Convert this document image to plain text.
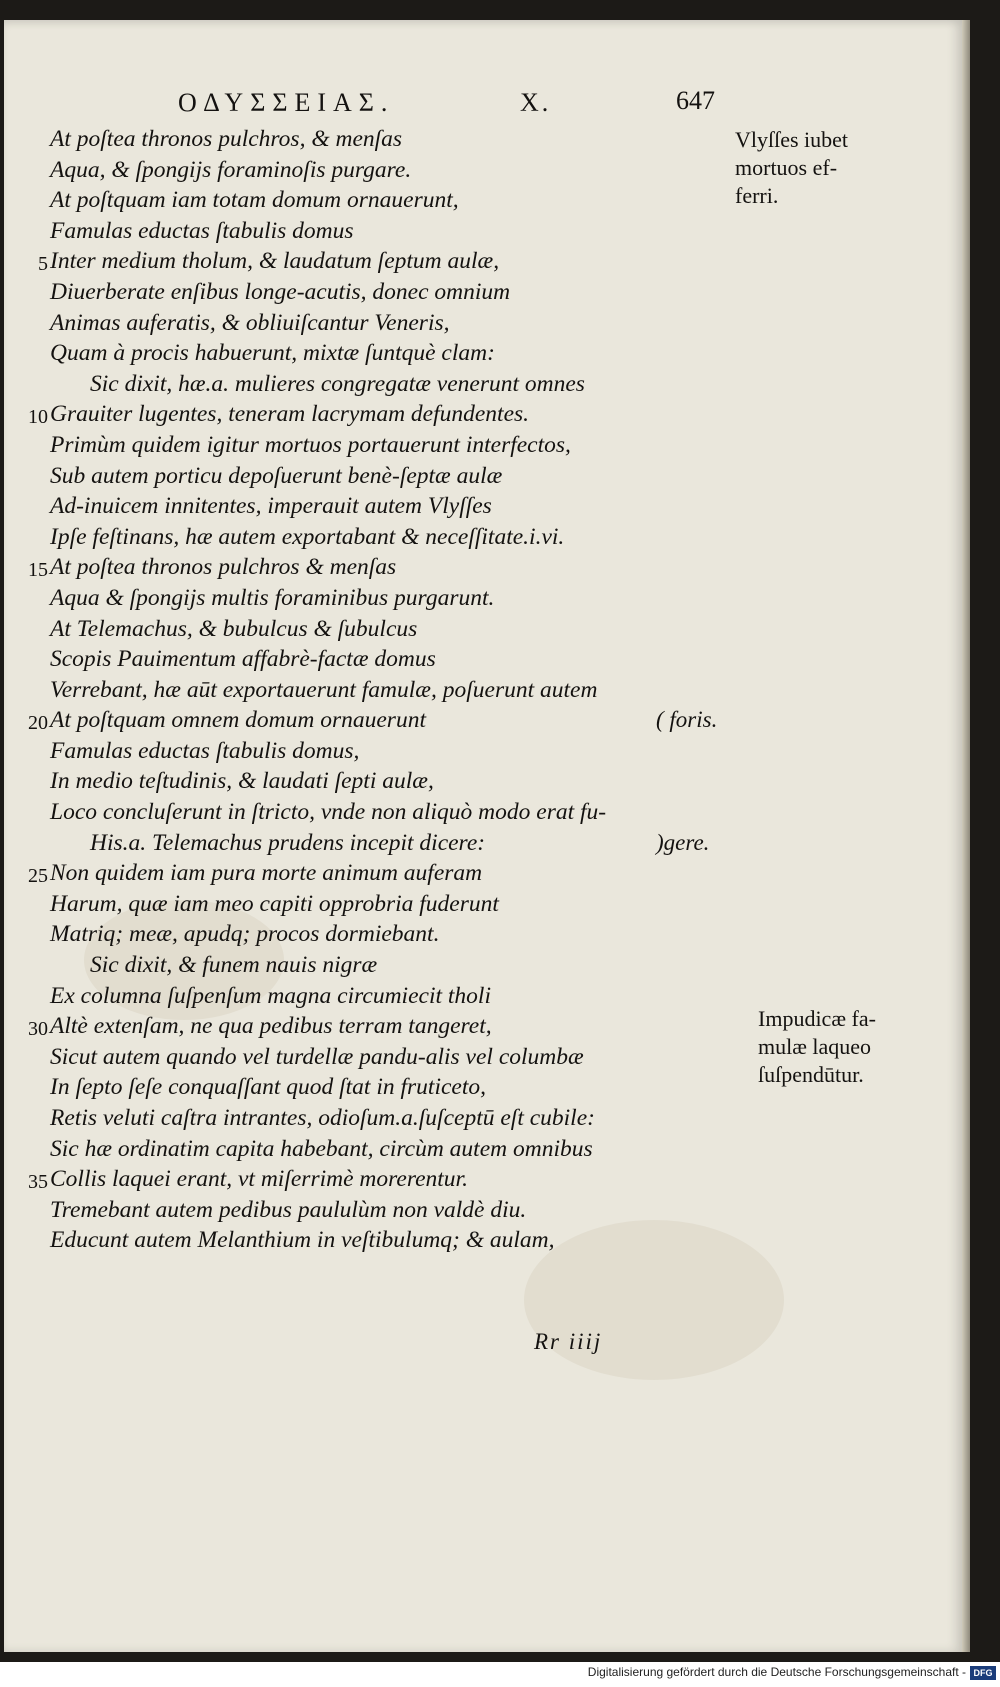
ΟΔΥΣΣΕΙΑΣ.	Χ.	647
At poſtea thronos pulchros, & menſas
Aqua, & ſpongijs foraminoſis purgare.
At poſtquam iam totam domum ornauerunt,
Famulas eductas ſtabulis domus
5 Inter medium tholum, & laudatum ſeptum aulæ,
Diuerberate enſibus longe-acutis, donec omnium
Animas auferatis, & obliuiſcantur Veneris,
Quam à procis habuerunt, mixtæ ſuntquè clam:
Sic dixit, hæ.a. mulieres congregatæ venerunt omnes
10 Grauiter lugentes, teneram lacrymam defundentes.
Primùm quidem igitur mortuos portauerunt interfectos,
Sub autem porticu depoſuerunt benè-ſeptæ aulæ
Ad-inuicem innitentes, imperauit autem Vlyſſes
Ipſe feſtinans, hæ autem exportabant & neceſſitate.i.vi.
15 At poſtea thronos pulchros & menſas
Aqua & ſpongijs multis foraminibus purgarunt.
At Telemachus, & bubulcus & ſubulcus
Scopis Pauimentum affabrè-factæ domus
Verrebant, hæ aūt exportauerunt famulæ, poſuerunt autem
20 At poſtquam omnem domum ornauerunt	( foris.
Famulas eductas ſtabulis domus,
In medio teſtudinis, & laudati ſepti aulæ,
Loco concluſerunt in ſtricto, vnde non aliquò modo erat fu-
His.a. Telemachus prudens incepit dicere:	)gere.
25 Non quidem iam pura morte animum auferam
Harum, quæ iam meo capiti opprobria fuderunt
Matriq; meæ, apudq; procos dormiebant.
Sic dixit, & funem nauis nigræ
Ex columna ſuſpenſum magna circumiecit tholi
30 Altè extenſam, ne qua pedibus terram tangeret,
Sicut autem quando vel turdellæ pandu-alis vel columbæ
In ſepto ſeſe conquaſſant quod ſtat in fruticeto,
Retis veluti caſtra intrantes, odioſum.a.ſuſceptū eſt cubile:
Sic hæ ordinatim capita habebant, circùm autem omnibus
35 Collis laquei erant, vt miſerrimè morerentur.
Tremebant autem pedibus paululùm non valdè diu.
Educunt autem Melanthium in veſtibulumq; & aulam,
Vlyſſes iubet
mortuos ef-
ferri.
Impudicæ fa-
mulæ laqueo
ſuſpendūtur.
Rr iiij
Digitalisierung gefördert durch die Deutsche Forschungsgemeinschaft - DFG
